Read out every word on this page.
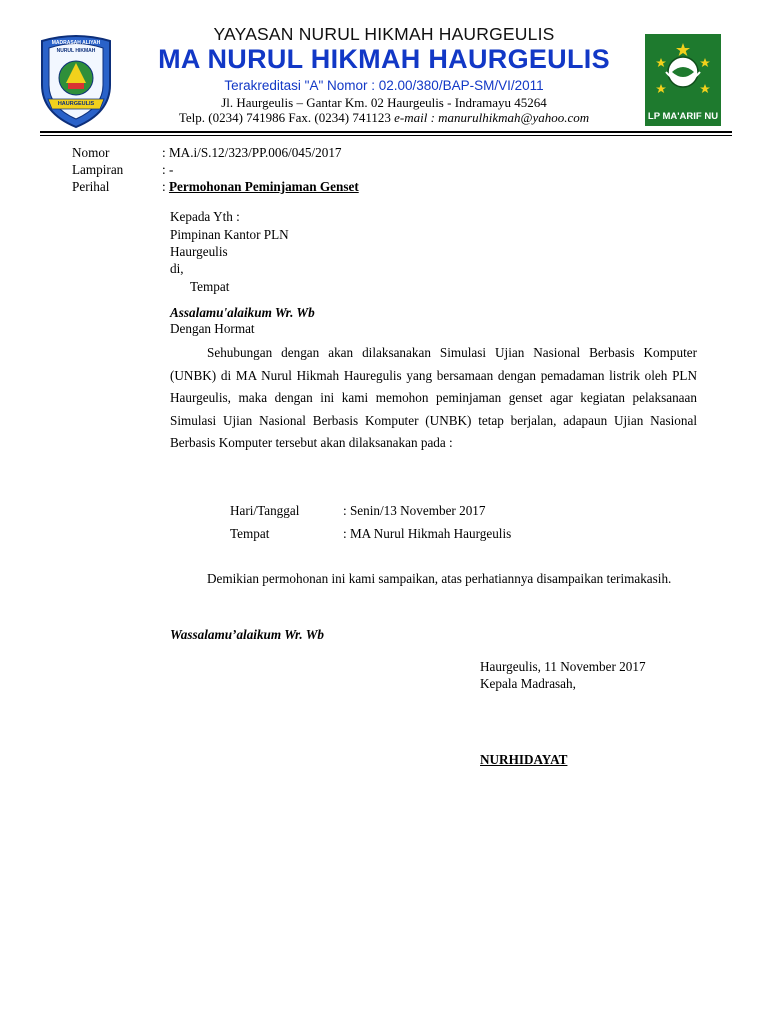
MADRASAH ALIYAH
NURUL HIKMAH
HAURGEULIS
LP MA'ARIF NU
YAYASAN NURUL HIKMAH HAURGEULIS
MA NURUL HIKMAH HAURGEULIS
Terakreditasi "A" Nomor : 02.00/380/BAP-SM/VI/2011
Jl. Haurgeulis – Gantar Km. 02 Haurgeulis - Indramayu 45264
Telp. (0234) 741986 Fax. (0234) 741123 e-mail : manurulhikmah@yahoo.com
Nomor	: MA.i/S.12/323/PP.006/045/2017
Lampiran	: -
Perihal	: Permohonan Peminjaman Genset
Kepada Yth :
Pimpinan Kantor PLN
Haurgeulis
di,
Tempat
Assalamu'alaikum Wr. Wb
Dengan Hormat
Sehubungan dengan akan dilaksanakan Simulasi Ujian Nasional Berbasis Komputer (UNBK) di MA Nurul Hikmah Hauregulis yang bersamaan dengan pemadaman listrik oleh PLN Haurgeulis, maka dengan ini kami memohon peminjaman genset agar kegiatan pelaksanaan Simulasi Ujian Nasional Berbasis Komputer (UNBK) tetap berjalan, adapaun Ujian Nasional Berbasis Komputer tersebut akan dilaksanakan pada :
Hari/Tanggal	: Senin/13 November 2017
Tempat	: MA Nurul Hikmah Haurgeulis
Demikian permohonan ini kami sampaikan, atas perhatiannya disampaikan terimakasih.
Wassalamu’alaikum Wr. Wb
Haurgeulis, 11 November 2017
Kepala Madrasah,
NURHIDAYAT
